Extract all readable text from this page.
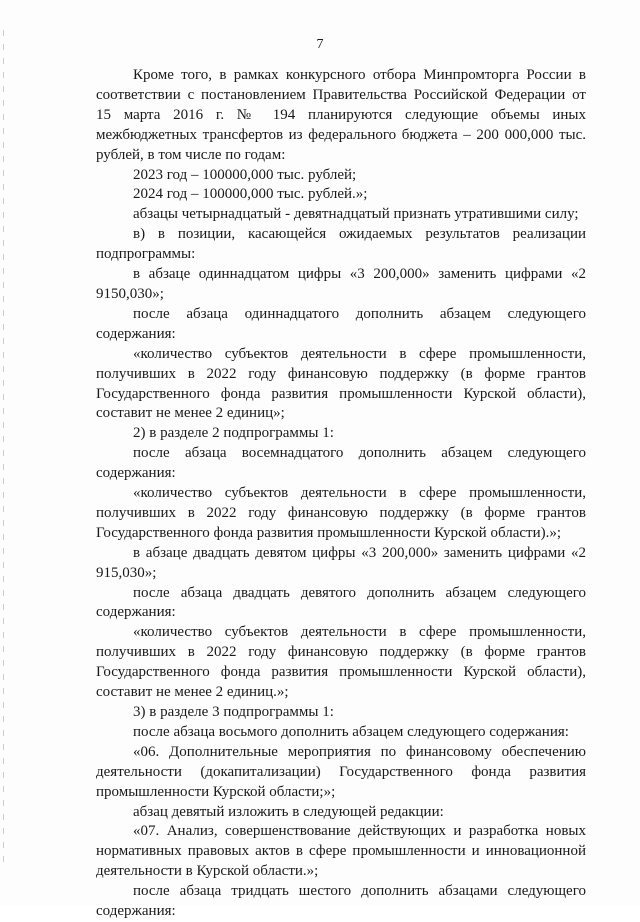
7

Кроме того, в рамках конкурсного отбора Минпромторга России в соответствии с постановлением Правительства Российской Федерации от 15 марта 2016 г. № 194 планируются следующие объемы иных межбюджетных трансфертов из федерального бюджета – 200 000,000 тыс. рублей, в том числе по годам:

2023 год – 100000,000 тыс. рублей;

2024 год – 100000,000 тыс. рублей.»;

абзацы четырнадцатый - девятнадцатый признать утратившими силу;

в) в позиции, касающейся ожидаемых результатов реализации подпрограммы:

в абзаце одиннадцатом цифры «3 200,000» заменить цифрами «2 9150,030»;

после абзаца одиннадцатого дополнить абзацем следующего содержания:

«количество субъектов деятельности в сфере промышленности, получивших в 2022 году финансовую поддержку (в форме грантов Государственного фонда развития промышленности Курской области), составит не менее 2 единиц»;

2) в разделе 2 подпрограммы 1:

после абзаца восемнадцатого дополнить абзацем следующего содержания:

«количество субъектов деятельности в сфере промышленности, получивших в 2022 году финансовую поддержку (в форме грантов Государственного фонда развития промышленности Курской области).»;

в абзаце двадцать девятом цифры «3 200,000» заменить цифрами «2 915,030»;

после абзаца двадцать девятого дополнить абзацем следующего содержания:

«количество субъектов деятельности в сфере промышленности, получивших в 2022 году финансовую поддержку (в форме грантов Государственного фонда развития промышленности Курской области), составит не менее 2 единиц.»;

3) в разделе 3 подпрограммы 1:

после абзаца восьмого дополнить абзацем следующего содержания:

«06. Дополнительные мероприятия по финансовому обеспечению деятельности (докапитализации) Государственного фонда развития промышленности Курской области;»;

абзац девятый изложить в следующей редакции:

«07. Анализ, совершенствование действующих и разработка новых нормативных правовых актов в сфере промышленности и инновационной деятельности в Курской области.»;

после абзаца тридцать шестого дополнить абзацами следующего содержания:
